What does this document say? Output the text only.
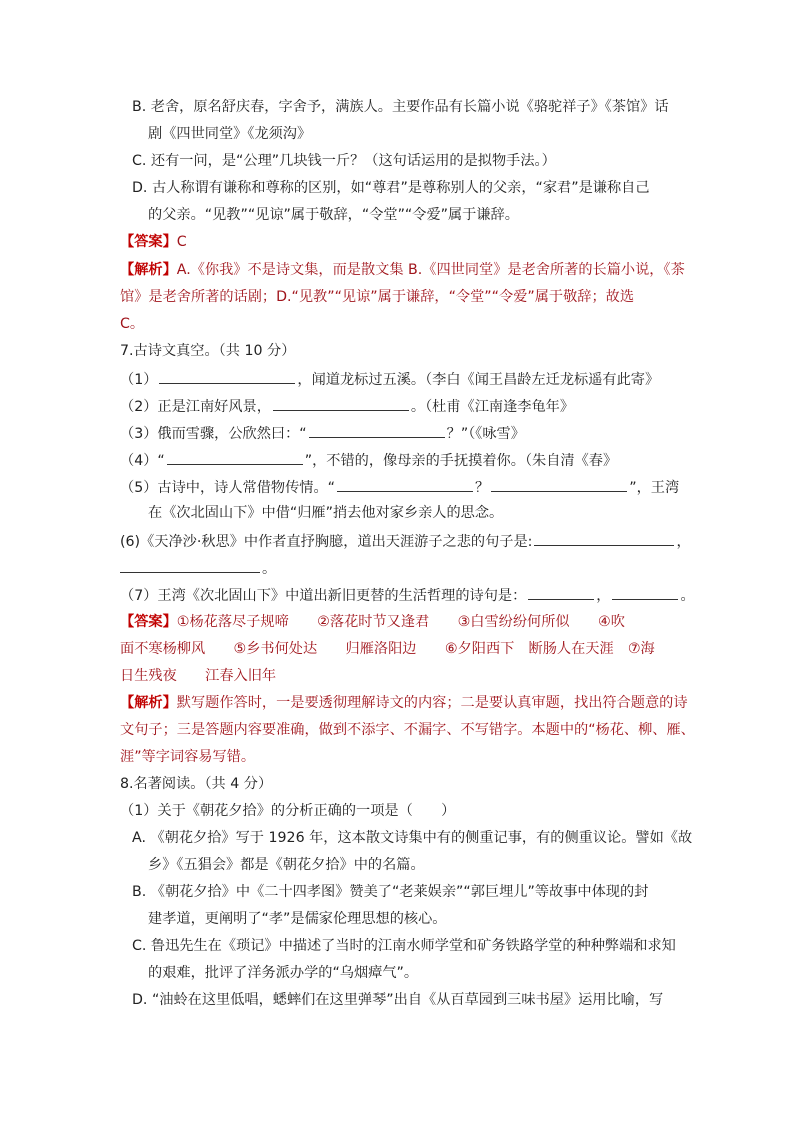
B. 老舍，原名舒庆春，字舍予，满族人。主要作品有长篇小说《骆驼祥子》《茶馆》话
剧《四世同堂》《龙须沟》
C. 还有一问，是“公理”几块钱一斤？（这句话运用的是拟物手法。）
D. 古人称谓有谦称和尊称的区别，如“尊君”是尊称别人的父亲，“家君”是谦称自己
的父亲。“见教”“见谅”属于敬辞，“令堂”“令爱”属于谦辞。
【答案】C
【解析】A.《你我》不是诗文集，而是散文集 B.《四世同堂》是老舍所著的长篇小说，《茶
馆》是老舍所著的话剧；D.“见教”“见谅”属于谦辞，“令堂”“令爱”属于敬辞；故选
C。
7.古诗文真空。（共 10 分）
（1）	，闻道龙标过五溪。（李白《闻王昌龄左迁龙标遥有此寄》
（2）正是江南好风景，	。（杜甫《江南逢李龟年》
（3）俄而雪骤，公欣然曰：“	？”（《咏雪》
（4）“	”，不错的，像母亲的手抚摸着你。（朱自清《春》
（5）古诗中，诗人常借物传情。“	？	”，王湾
在《次北固山下》中借“归雁”捎去他对家乡亲人的思念。
(6)《天净沙·秋思》中作者直抒胸臆，道出天涯游子之悲的句子是:	，
。
（7）王湾《次北固山下》中道出新旧更替的生活哲理的诗句是：	，	。
【答案】①杨花落尽子规啼　　②落花时节又逢君　　③白雪纷纷何所似　　④吹
面不寒杨柳风　　⑤乡书何处达　　归雁洛阳边　　⑥夕阳西下　断肠人在天涯　⑦海
日生残夜　　江春入旧年
【解析】默写题作答时，一是要透彻理解诗文的内容；二是要认真审题，找出符合题意的诗
文句子；三是答题内容要准确，做到不添字、不漏字、不写错字。本题中的“杨花、柳、雁、
涯”等字词容易写错。
8.名著阅读。（共 4 分）
（1）关于《朝花夕拾》的分析正确的一项是（　　）
A. 《朝花夕拾》写于 1926 年，这本散文诗集中有的侧重记事，有的侧重议论。譬如《故
乡》《五猖会》都是《朝花夕拾》中的名篇。
B. 《朝花夕拾》中《二十四孝图》赞美了“老莱娱亲”“郭巨埋儿”等故事中体现的封
建孝道，更阐明了“孝”是儒家伦理思想的核心。
C. 鲁迅先生在《琐记》中描述了当时的江南水师学堂和矿务铁路学堂的种种弊端和求知
的艰难，批评了洋务派办学的“乌烟瘴气”。
D. “油蛉在这里低唱，蟋蟀们在这里弹琴”出自《从百草园到三味书屋》运用比喻，写
